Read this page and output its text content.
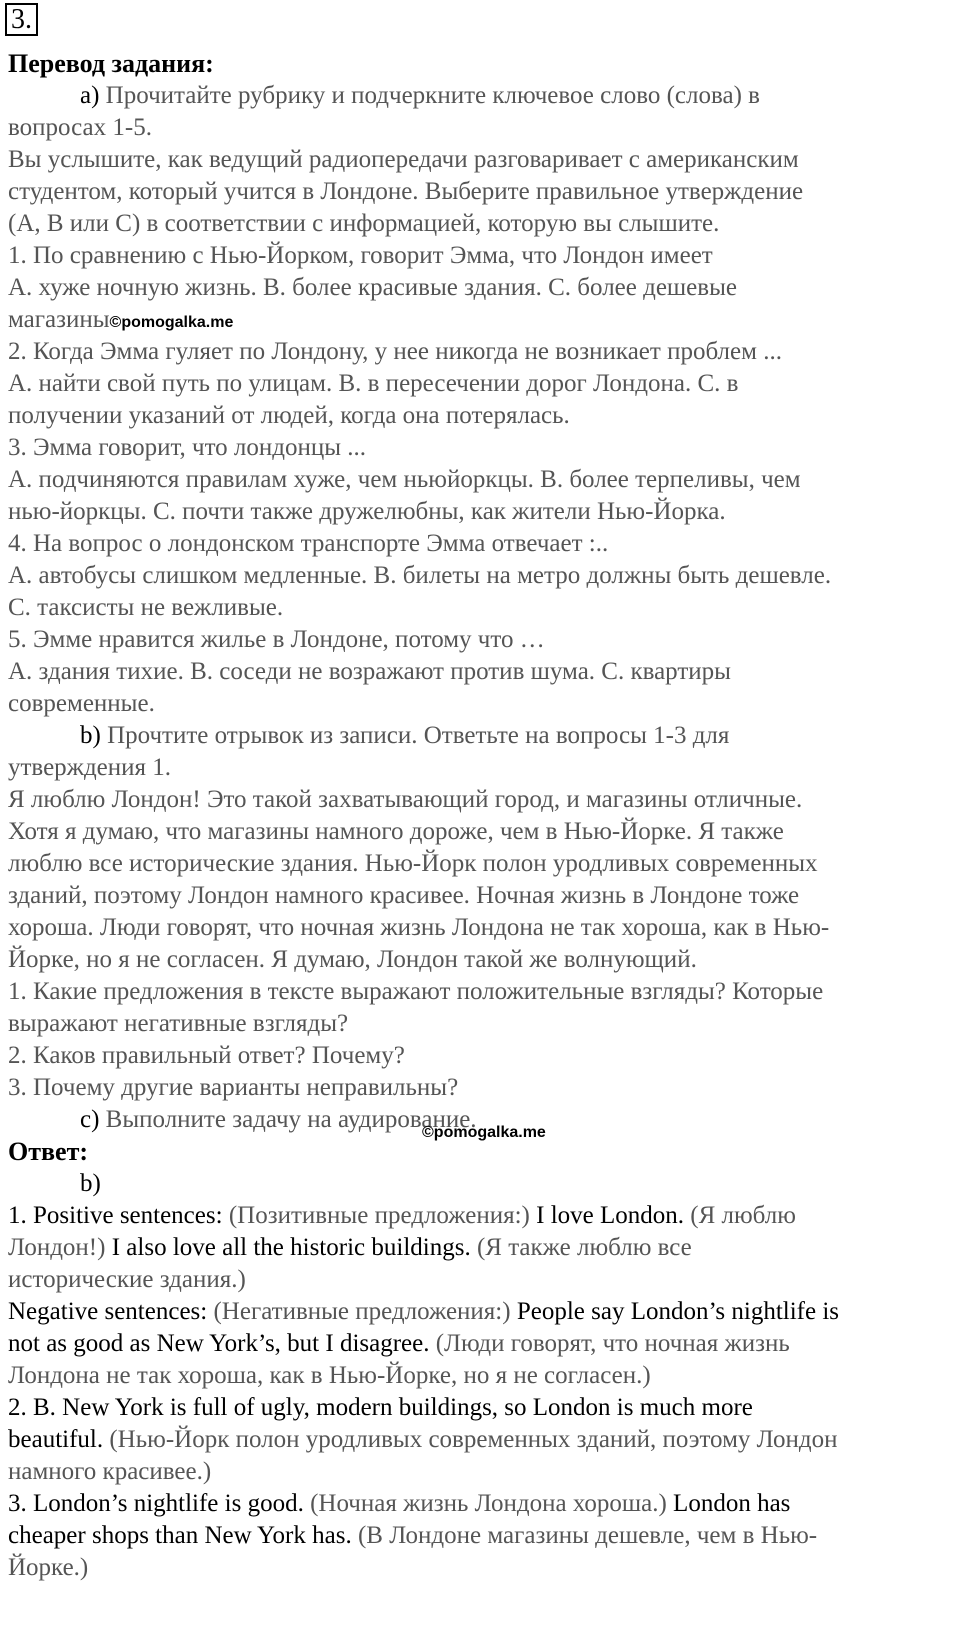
3.
Перевод задания:
a) Прочитайте рубрику и подчеркните ключевое слово (слова) в
вопросах 1-5.
Вы услышите, как ведущий радиопередачи разговаривает с американским
студентом, который учится в Лондоне. Выберите правильное утверждение
(A, B или C) в соответствии с информацией, которую вы слышите.
1. По сравнению с Нью-Йорком, говорит Эмма, что Лондон имеет
A. хуже ночную жизнь. B. более красивые здания. C. более дешевые
магазины©pomogalka.me
2. Когда Эмма гуляет по Лондону, у нее никогда не возникает проблем ...
A. найти свой путь по улицам. B. в пересечении дорог Лондона. C. в
получении указаний от людей, когда она потерялась.
3. Эмма говорит, что лондонцы ...
A. подчиняются правилам хуже, чем ньюйоркцы. B. более терпеливы, чем
нью-йоркцы. C. почти также дружелюбны, как жители Нью-Йорка.
4. На вопрос о лондонском транспорте Эмма отвечает :..
A. автобусы слишком медленные. B. билеты на метро должны быть дешевле.
C. таксисты не вежливые.
5. Эмме нравится жилье в Лондоне, потому что …
A. здания тихие. B. соседи не возражают против шума. C. квартиры
современные.
b) Прочтите отрывок из записи. Ответьте на вопросы 1-3 для
утверждения 1.
Я люблю Лондон! Это такой захватывающий город, и магазины отличные.
Хотя я думаю, что магазины намного дороже, чем в Нью-Йорке. Я также
люблю все исторические здания. Нью-Йорк полон уродливых современных
зданий, поэтому Лондон намного красивее. Ночная жизнь в Лондоне тоже
хороша. Люди говорят, что ночная жизнь Лондона не так хороша, как в Нью-
Йорке, но я не согласен. Я думаю, Лондон такой же волнующий.
1. Какие предложения в тексте выражают положительные взгляды? Которые
выражают негативные взгляды?
2. Каков правильный ответ? Почему?
3. Почему другие варианты неправильны?
c) Выполните задачу на аудирование.
Ответ:
©pomogalka.me
b)
1. Positive sentences: (Позитивные предложения:) I love London. (Я люблю
Лондон!) I also love all the historic buildings. (Я также люблю все
исторические здания.)
Negative sentences: (Негативные предложения:) People say London’s nightlife is
not as good as New York’s, but I disagree. (Люди говорят, что ночная жизнь
Лондона не так хороша, как в Нью-Йорке, но я не согласен.)
2. B. New York is full of ugly, modern buildings, so London is much more
beautiful. (Нью-Йорк полон уродливых современных зданий, поэтому Лондон
намного красивее.)
3. London’s nightlife is good. (Ночная жизнь Лондона хороша.) London has
cheaper shops than New York has. (В Лондоне магазины дешевле, чем в Нью-
Йорке.)
